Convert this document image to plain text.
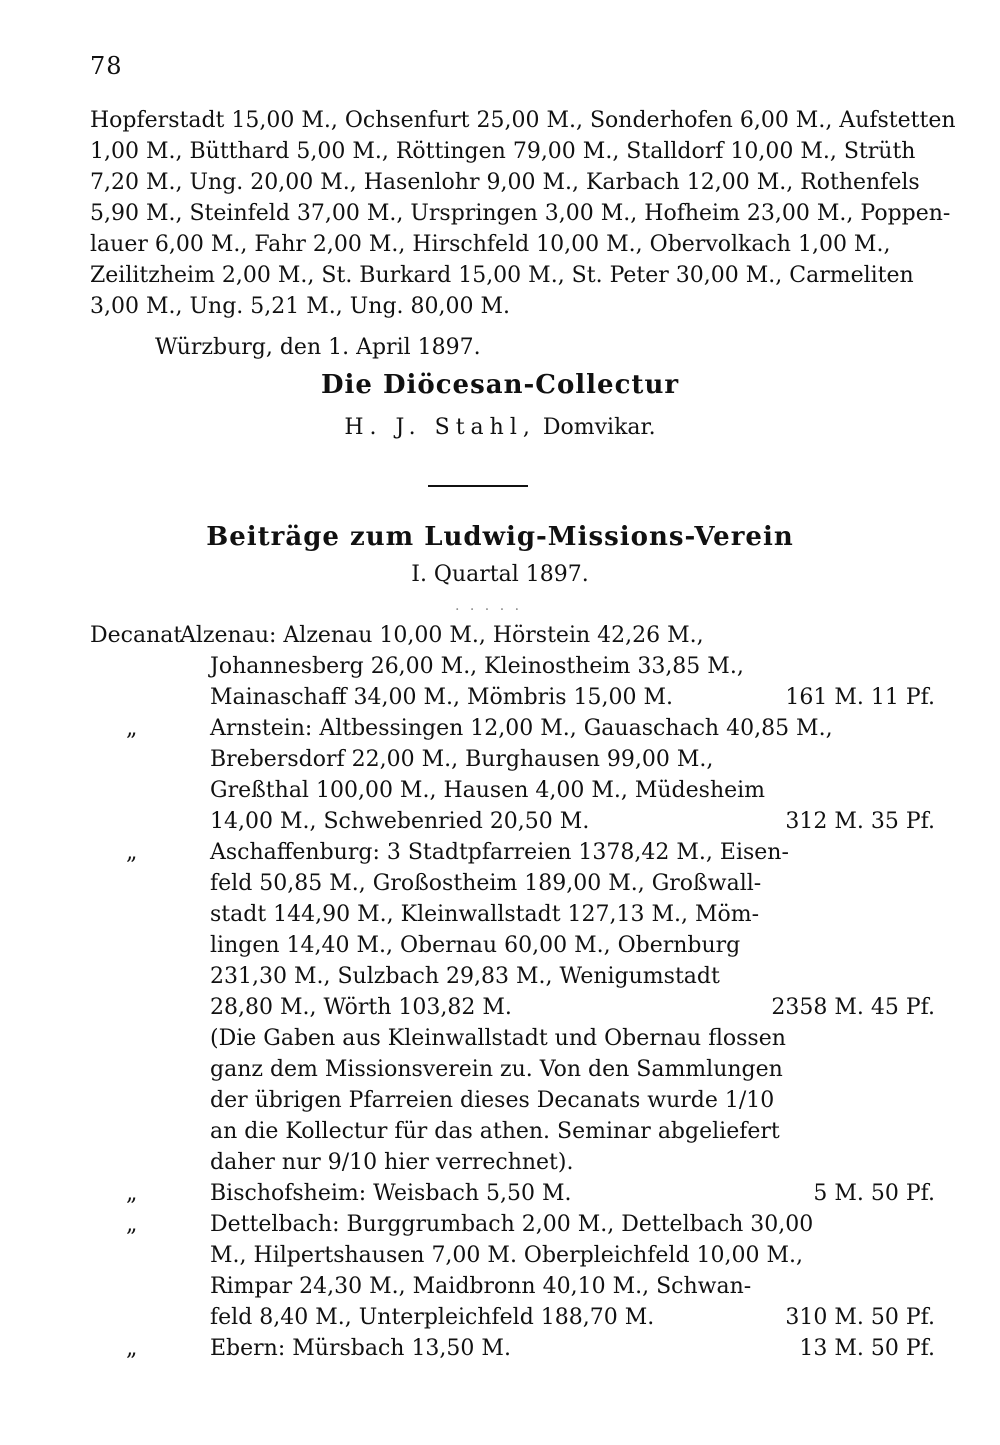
78
Hopferstadt 15,00 M., Ochsenfurt 25,00 M., Sonderhofen 6,00 M., Aufstetten
1,00 M., Bütthard 5,00 M., Röttingen 79,00 M., Stalldorf 10,00 M., Strüth
7,20 M., Ung. 20,00 M., Hasenlohr 9,00 M., Karbach 12,00 M., Rothenfels
5,90 M., Steinfeld 37,00 M., Urspringen 3,00 M., Hofheim 23,00 M., Poppen-
lauer 6,00 M., Fahr 2,00 M., Hirschfeld 10,00 M., Obervolkach 1,00 M.,
Zeilitzheim 2,00 M., St. Burkard 15,00 M., St. Peter 30,00 M., Carmeliten
3,00 M., Ung. 5,21 M., Ung. 80,00 M.
Würzburg, den 1. April 1897.
Die Diöcesan-Collectur
H. J. Stahl, Domvikar.
Beiträge zum Ludwig-Missions-Verein
I. Quartal 1897.
. . . . .
Decanat
Alzenau: Alzenau 10,00 M., Hörstein 42,26 M.,
Johannesberg 26,00 M., Kleinostheim 33,85 M.,
Mainaschaff 34,00 M., Mömbris 15,00 M.	161 M. 11 Pf.
„	Arnstein: Altbessingen 12,00 M., Gauaschach 40,85 M.,
Brebersdorf 22,00 M., Burghausen 99,00 M.,
Greßthal 100,00 M., Hausen 4,00 M., Müdesheim
14,00 M., Schwebenried 20,50 M.	312 M. 35 Pf.
„	Aschaffenburg: 3 Stadtpfarreien 1378,42 M., Eisen-
feld 50,85 M., Großostheim 189,00 M., Großwall-
stadt 144,90 M., Kleinwallstadt 127,13 M., Möm-
lingen 14,40 M., Obernau 60,00 M., Obernburg
231,30 M., Sulzbach 29,83 M., Wenigumstadt
28,80 M., Wörth 103,82 M.	2358 M. 45 Pf.
(Die Gaben aus Kleinwallstadt und Obernau flossen
ganz dem Missionsverein zu. Von den Sammlungen
der übrigen Pfarreien dieses Decanats wurde 1/10
an die Kollectur für das athen. Seminar abgeliefert
daher nur 9/10 hier verrechnet).
„	Bischofsheim: Weisbach 5,50 M.	5 M. 50 Pf.
„	Dettelbach: Burggrumbach 2,00 M., Dettelbach 30,00
M., Hilpertshausen 7,00 M. Oberpleichfeld 10,00 M.,
Rimpar 24,30 M., Maidbronn 40,10 M., Schwan-
feld 8,40 M., Unterpleichfeld 188,70 M.	310 M. 50 Pf.
„	Ebern: Mürsbach 13,50 M.	13 M. 50 Pf.
